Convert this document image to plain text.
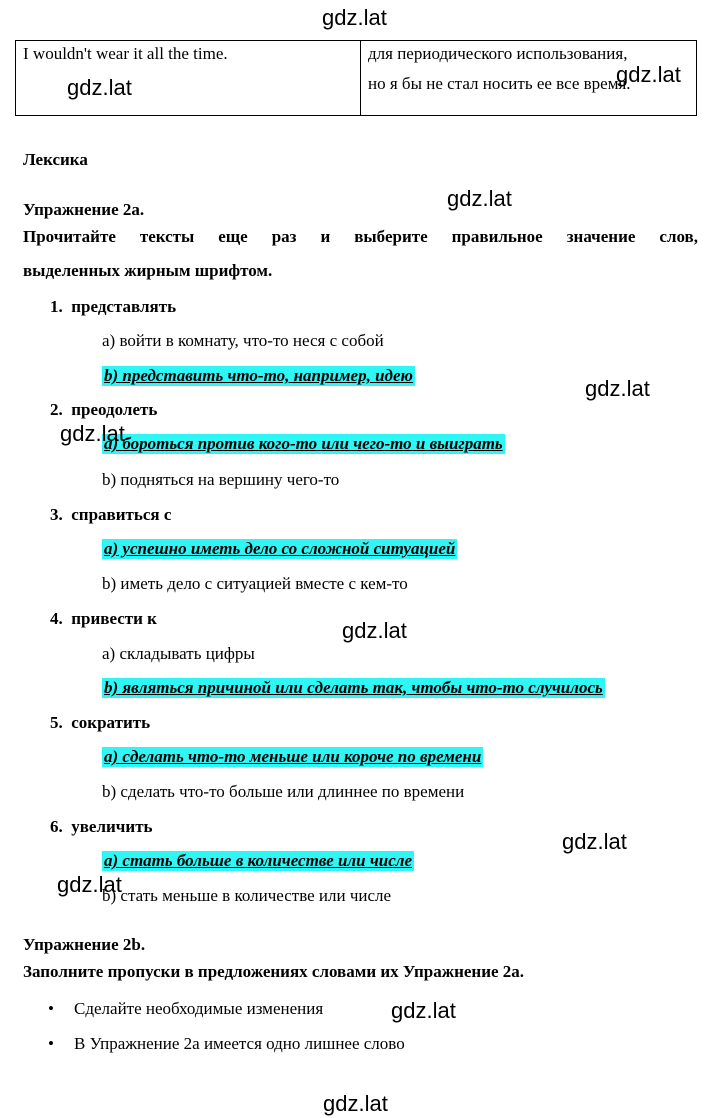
I wouldn't wear it all the time.	для периодического использования,
но я бы не стал носить ее все время.
Лексика
Упражнение 2a.
Прочитайте тексты еще раз и выберите правильное значение слов,
выделенных жирным шрифтом.
1. представлять
a) войти в комнату, что-то неся с собой
b) представить что-то, например, идею
2. преодолеть
a) бороться против кого-то или чего-то и выиграть
b) подняться на вершину чего-то
3. справиться с
a) успешно иметь дело со сложной ситуацией
b) иметь дело с ситуацией вместе с кем-то
4. привести к
a) складывать цифры
b) являться причиной или сделать так, чтобы что-то случилось
5. сократить
a) сделать что-то меньше или короче по времени
b) сделать что-то больше или длиннее по времени
6. увеличить
a) стать больше в количестве или числе
b) стать меньше в количестве или числе
Упражнение 2b.
Заполните пропуски в предложениях словами их Упражнение 2a.
• Сделайте необходимые изменения
• В Упражнение 2а имеется одно лишнее слово
gdz.lat
gdz.lat
gdz.lat
gdz.lat
gdz.lat
gdz.lat
gdz.lat
gdz.lat
gdz.lat
gdz.lat
gdz.lat
